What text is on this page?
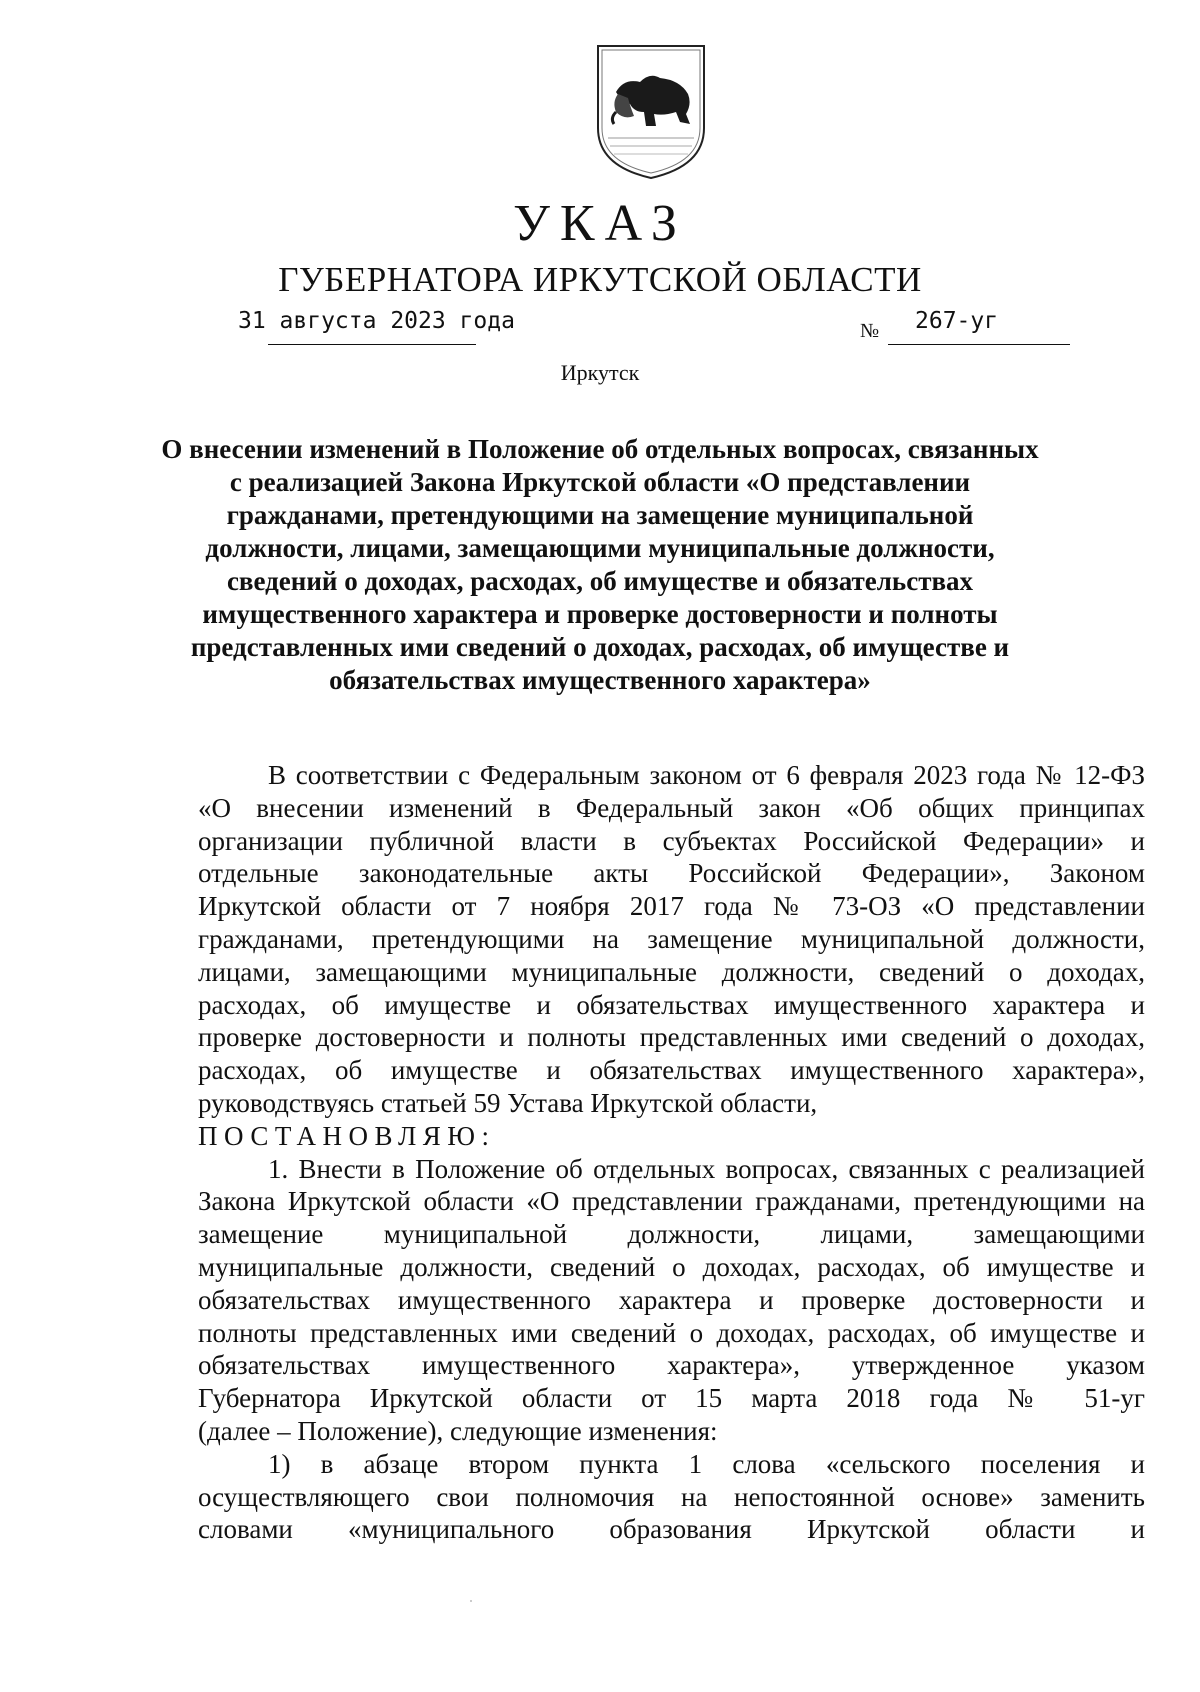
УКАЗ
ГУБЕРНАТОРА ИРКУТСКОЙ ОБЛАСТИ
31 августа 2023 года	№ 267-уг
Иркутск
О внесении изменений в Положение об отдельных вопросах, связанных
с реализацией Закона Иркутской области «О представлении
гражданами, претендующими на замещение муниципальной
должности, лицами, замещающими муниципальные должности,
сведений о доходах, расходах, об имуществе и обязательствах
имущественного характера и проверке достоверности и полноты
представленных ими сведений о доходах, расходах, об имуществе и
обязательствах имущественного характера»

В соответствии с Федеральным законом от 6 февраля 2023 года № 12-ФЗ
«О внесении изменений в Федеральный закон «Об общих принципах
организации публичной власти в субъектах Российской Федерации» и
отдельные законодательные акты Российской Федерации», Законом
Иркутской области от 7 ноября 2017 года № 73-ОЗ «О представлении
гражданами, претендующими на замещение муниципальной должности,
лицами, замещающими муниципальные должности, сведений о доходах,
расходах, об имуществе и обязательствах имущественного характера и
проверке достоверности и полноты представленных ими сведений о доходах,
расходах, об имуществе и обязательствах имущественного характера»,
руководствуясь статьей 59 Устава Иркутской области,

ПОСТАНОВЛЯЮ:

1. Внести в Положение об отдельных вопросах, связанных с реализацией
Закона Иркутской области «О представлении гражданами, претендующими на
замещение муниципальной должности, лицами, замещающими
муниципальные должности, сведений о доходах, расходах, об имуществе и
обязательствах имущественного характера и проверке достоверности и
полноты представленных ими сведений о доходах, расходах, об имуществе и
обязательствах имущественного характера», утвержденное указом
Губернатора Иркутской области от 15 марта 2018 года № 51-уг
(далее – Положение), следующие изменения:

1) в абзаце втором пункта 1 слова «сельского поселения и
осуществляющего свои полномочия на непостоянной основе» заменить
словами «муниципального образования Иркутской области и
